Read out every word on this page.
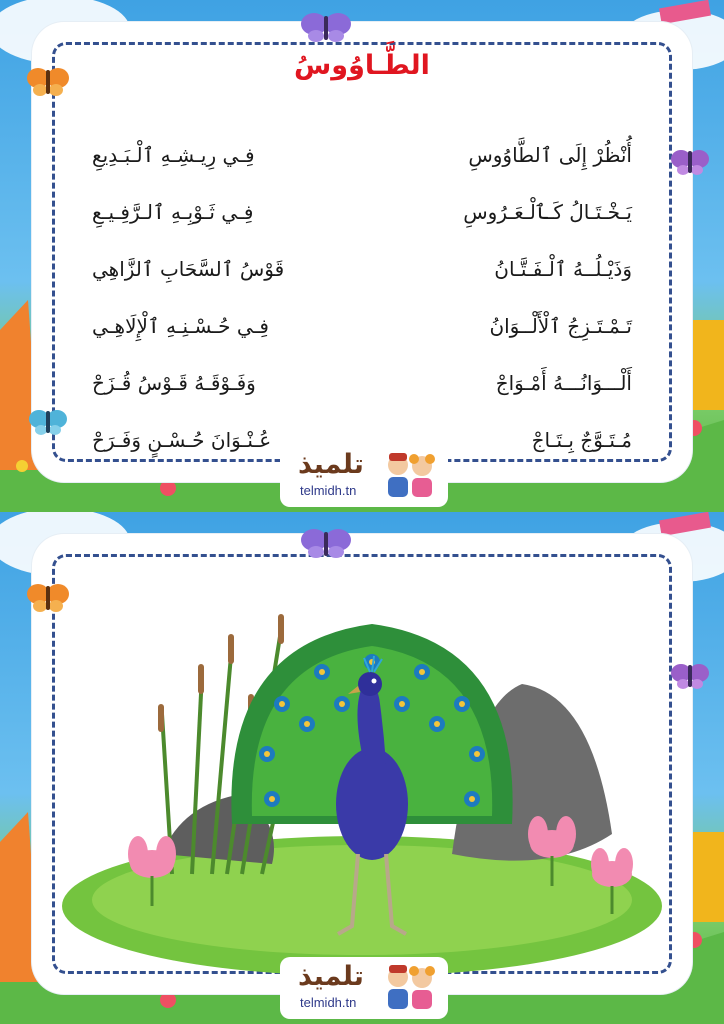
الطَّـاوُوسُ
أُنْظُرْ إِلَى ٱلطَّاوُوسِ
فِـي رِيـشِـهِ ٱلْـبَـدِيعِ
يَـخْـتَـالُ كَـٱلْـعَـرُوسِ
فِـي ثَـوْبِـهِ ٱلـرَّفِـيـعِ
وَذَيْـلُــهُ ٱلْـفَـتَّـانُ
قَوْسُ ٱلسَّحَابِ ٱلزَّاهِي
تَـمْـتَـزِجُ ٱلْأَلْــوَانُ
فِـي حُـسْـنِـهِ ٱلْإِلَاهِـي
أَلْـــوَانُـــهُ أَمْـوَاجْ
وَفَـوْقَـهُ قَـوْسُ قُـزَحْ
مُـتَـوَّجٌ بِـتَـاجْ
عُـنْـوَانَ حُـسْـنٍ وَفَـرَحْ
تلميذ
telmidh.tn
تلميذ
telmidh.tn
